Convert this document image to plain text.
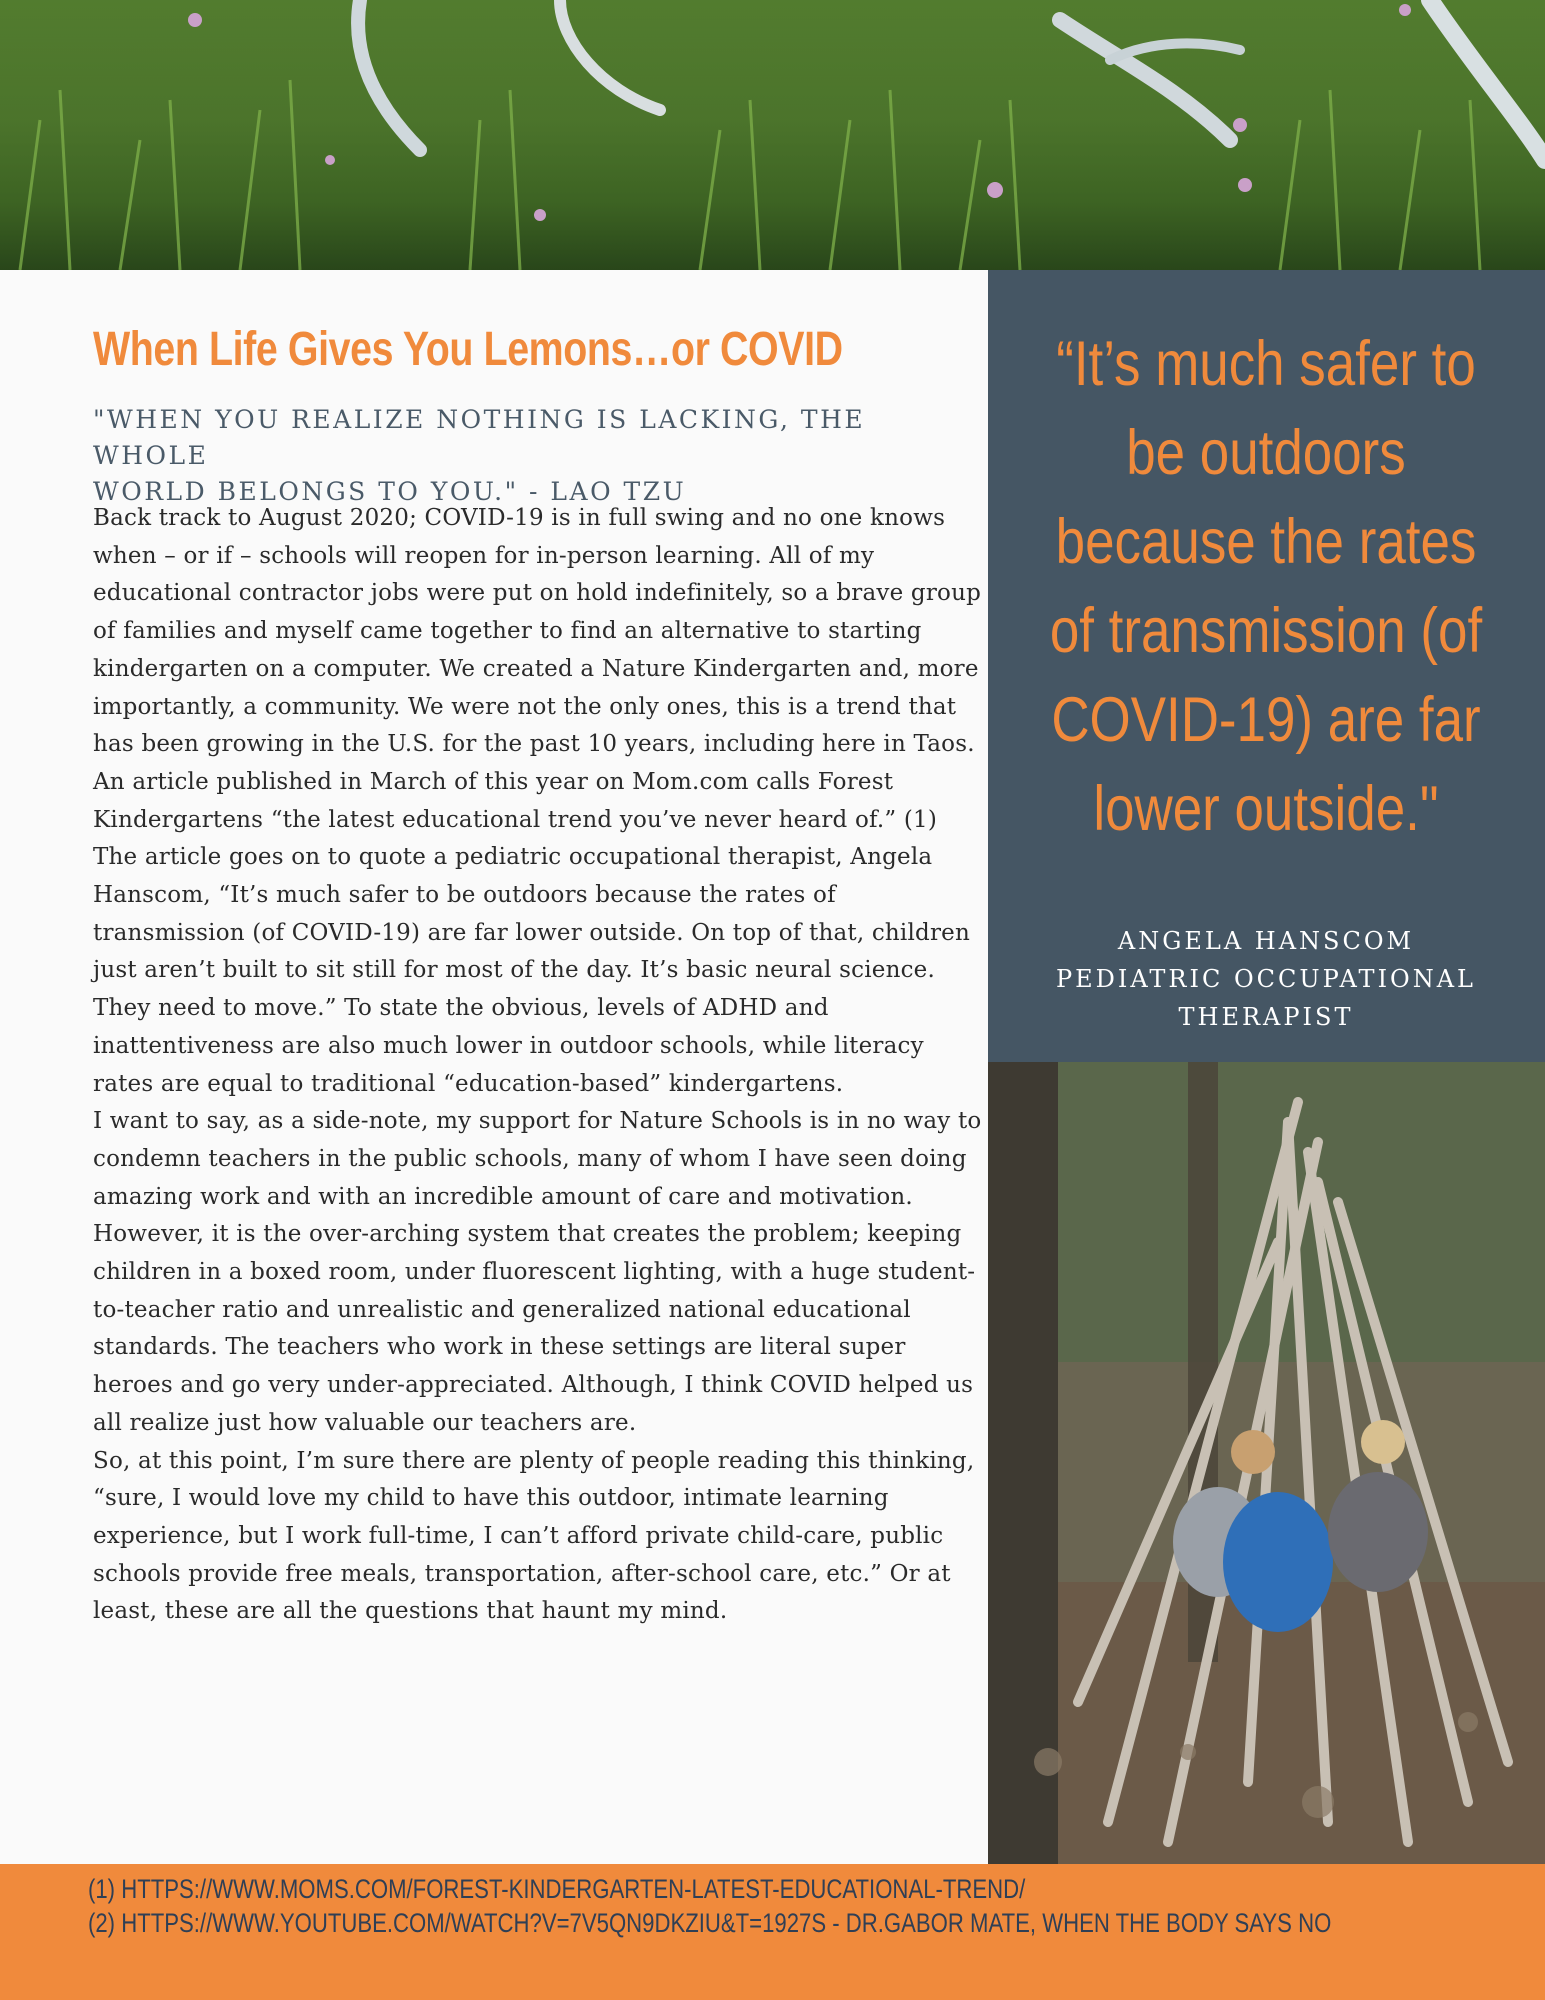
When Life Gives You Lemons…or COVID
"WHEN YOU REALIZE NOTHING IS LACKING, THE WHOLE
WORLD BELONGS TO YOU." - LAO TZU

Back track to August 2020; COVID-19 is in full swing and no one knows when – or if – schools will reopen for in-person learning. All of my educational contractor jobs were put on hold indefinitely, so a brave group of families and myself came together to find an alternative to starting kindergarten on a computer. We created a Nature Kindergarten and, more importantly, a community. We were not the only ones, this is a trend that has been growing in the U.S. for the past 10 years, including here in Taos. An article published in March of this year on Mom.com calls Forest Kindergartens “the latest educational trend you’ve never heard of.” (1) The article goes on to quote a pediatric occupational therapist, Angela Hanscom, “It’s much safer to be outdoors because the rates of transmission (of COVID-19) are far lower outside. On top of that, children just aren’t built to sit still for most of the day. It’s basic neural science. They need to move.” To state the obvious, levels of ADHD and inattentiveness are also much lower in outdoor schools, while literacy rates are equal to traditional “education-based” kindergartens.

I want to say, as a side-note, my support for Nature Schools is in no way to condemn teachers in the public schools, many of whom I have seen doing amazing work and with an incredible amount of care and motivation. However, it is the over-arching system that creates the problem; keeping children in a boxed room, under fluorescent lighting, with a huge student-to-teacher ratio and unrealistic and generalized national educational standards. The teachers who work in these settings are literal super heroes and go very under-appreciated. Although, I think COVID helped us all realize just how valuable our teachers are.

So, at this point, I’m sure there are plenty of people reading this thinking, “sure, I would love my child to have this outdoor, intimate learning experience, but I work full-time, I can’t afford private child-care, public schools provide free meals, transportation, after-school care, etc.” Or at least, these are all the questions that haunt my mind.

“It’s much safer to be outdoors because the rates of transmission (of COVID-19) are far lower outside."
ANGELA HANSCOM
PEDIATRIC OCCUPATIONAL
THERAPIST
(1) HTTPS://WWW.MOMS.COM/FOREST-KINDERGARTEN-LATEST-EDUCATIONAL-TREND/
(2) HTTPS://WWW.YOUTUBE.COM/WATCH?V=7V5QN9DKZIU&T=1927S - DR.GABOR MATE, WHEN THE BODY SAYS NO
